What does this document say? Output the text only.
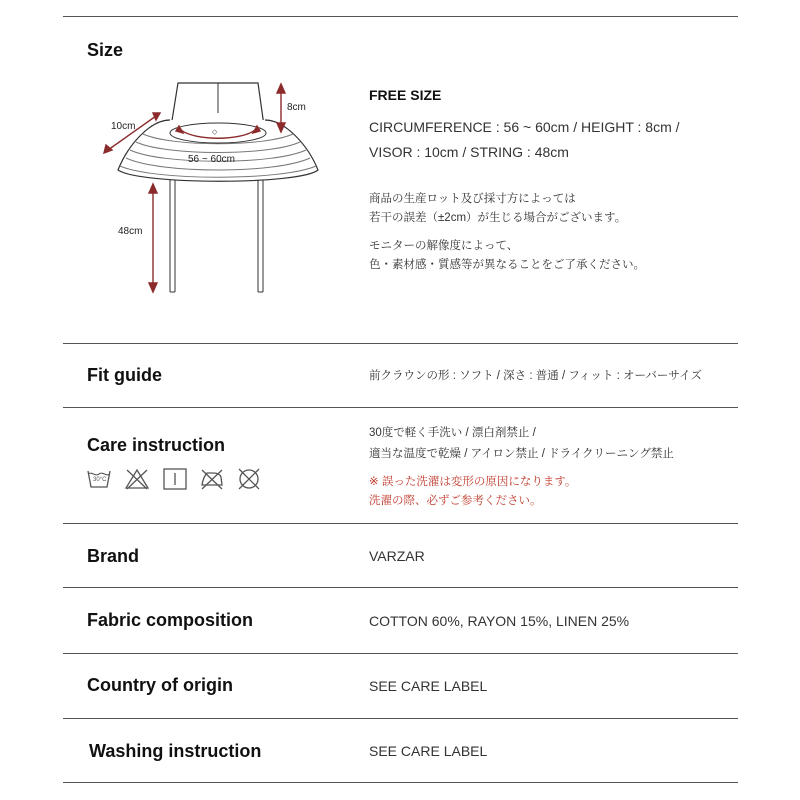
Size
◇
8cm
10cm
56 ~ 60cm
48cm
FREE SIZE
CIRCUMFERENCE : 56 ~ 60cm / HEIGHT : 8cm /
VISOR : 10cm / STRING : 48cm
商品の生産ロット及び採寸方によっては
若干の誤差（±2cm）が生じる場合がございます。
モニターの解像度によって、
色・素材感・質感等が異なることをご了承ください。
Fit guide	前クラウンの形 : ソフト / 深さ : 普通 / フィット : オーバーサイズ
Care instruction
30度で軽く手洗い / 漂白剤禁止 /
適当な温度で乾燥 / アイロン禁止 / ドライクリーニング禁止
※ 誤った洗濯は変形の原因になります。
洗濯の際、必ずご参考ください。
30°C
Brand	VARZAR
Fabric composition	COTTON 60%, RAYON 15%, LINEN 25%
Country of origin	SEE CARE LABEL
Washing instruction	SEE CARE LABEL
